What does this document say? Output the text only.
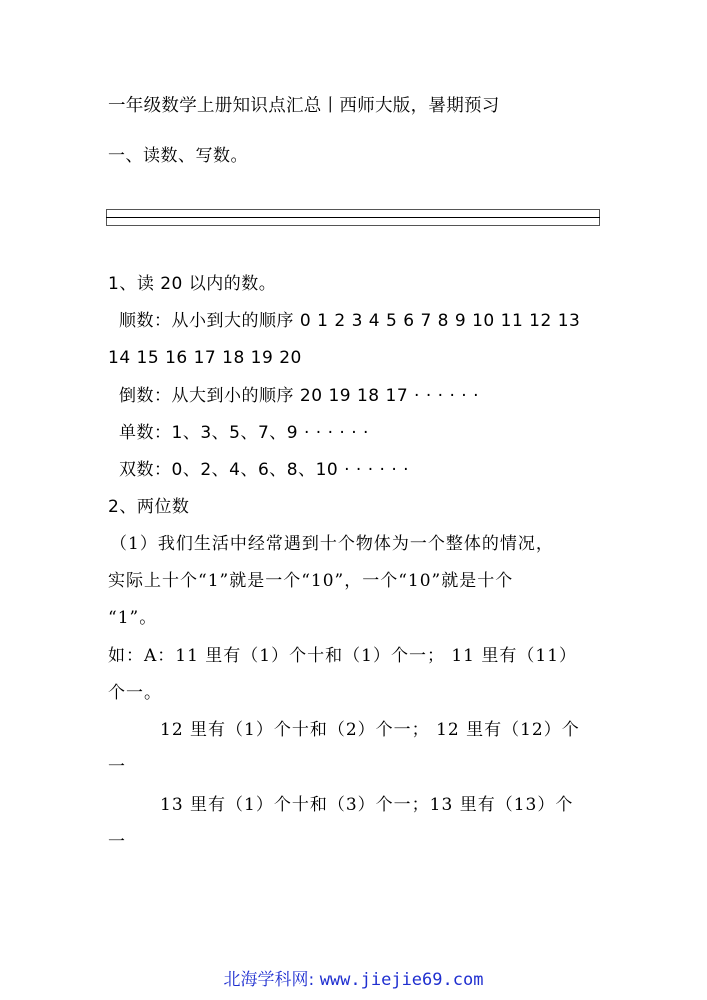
一年级数学上册知识点汇总丨西师大版，暑期预习
一、读数、写数。
1、读 20 以内的数。
顺数：从小到大的顺序 0 1 2 3 4 5 6 7 8 9 10 11 12 13
14 15 16 17 18 19 20
倒数：从大到小的顺序 20 19 18 17 · · · · · ·
单数：1、3、5、7、9 · · · · · ·
双数：0、2、4、6、8、10 · · · · · ·
2、两位数
（1）我们生活中经常遇到十个物体为一个整体的情况，
实际上十个“1”就是一个“10”，一个“10”就是十个
“1”。
如：A：11 里有（1）个十和（1）个一； 11 里有（11）
个一。
12 里有（1）个十和（2）个一； 12 里有（12）个
一
13 里有（1）个十和（3）个一；13 里有（13）个
一
北海学科网: www.jiejie69.com
